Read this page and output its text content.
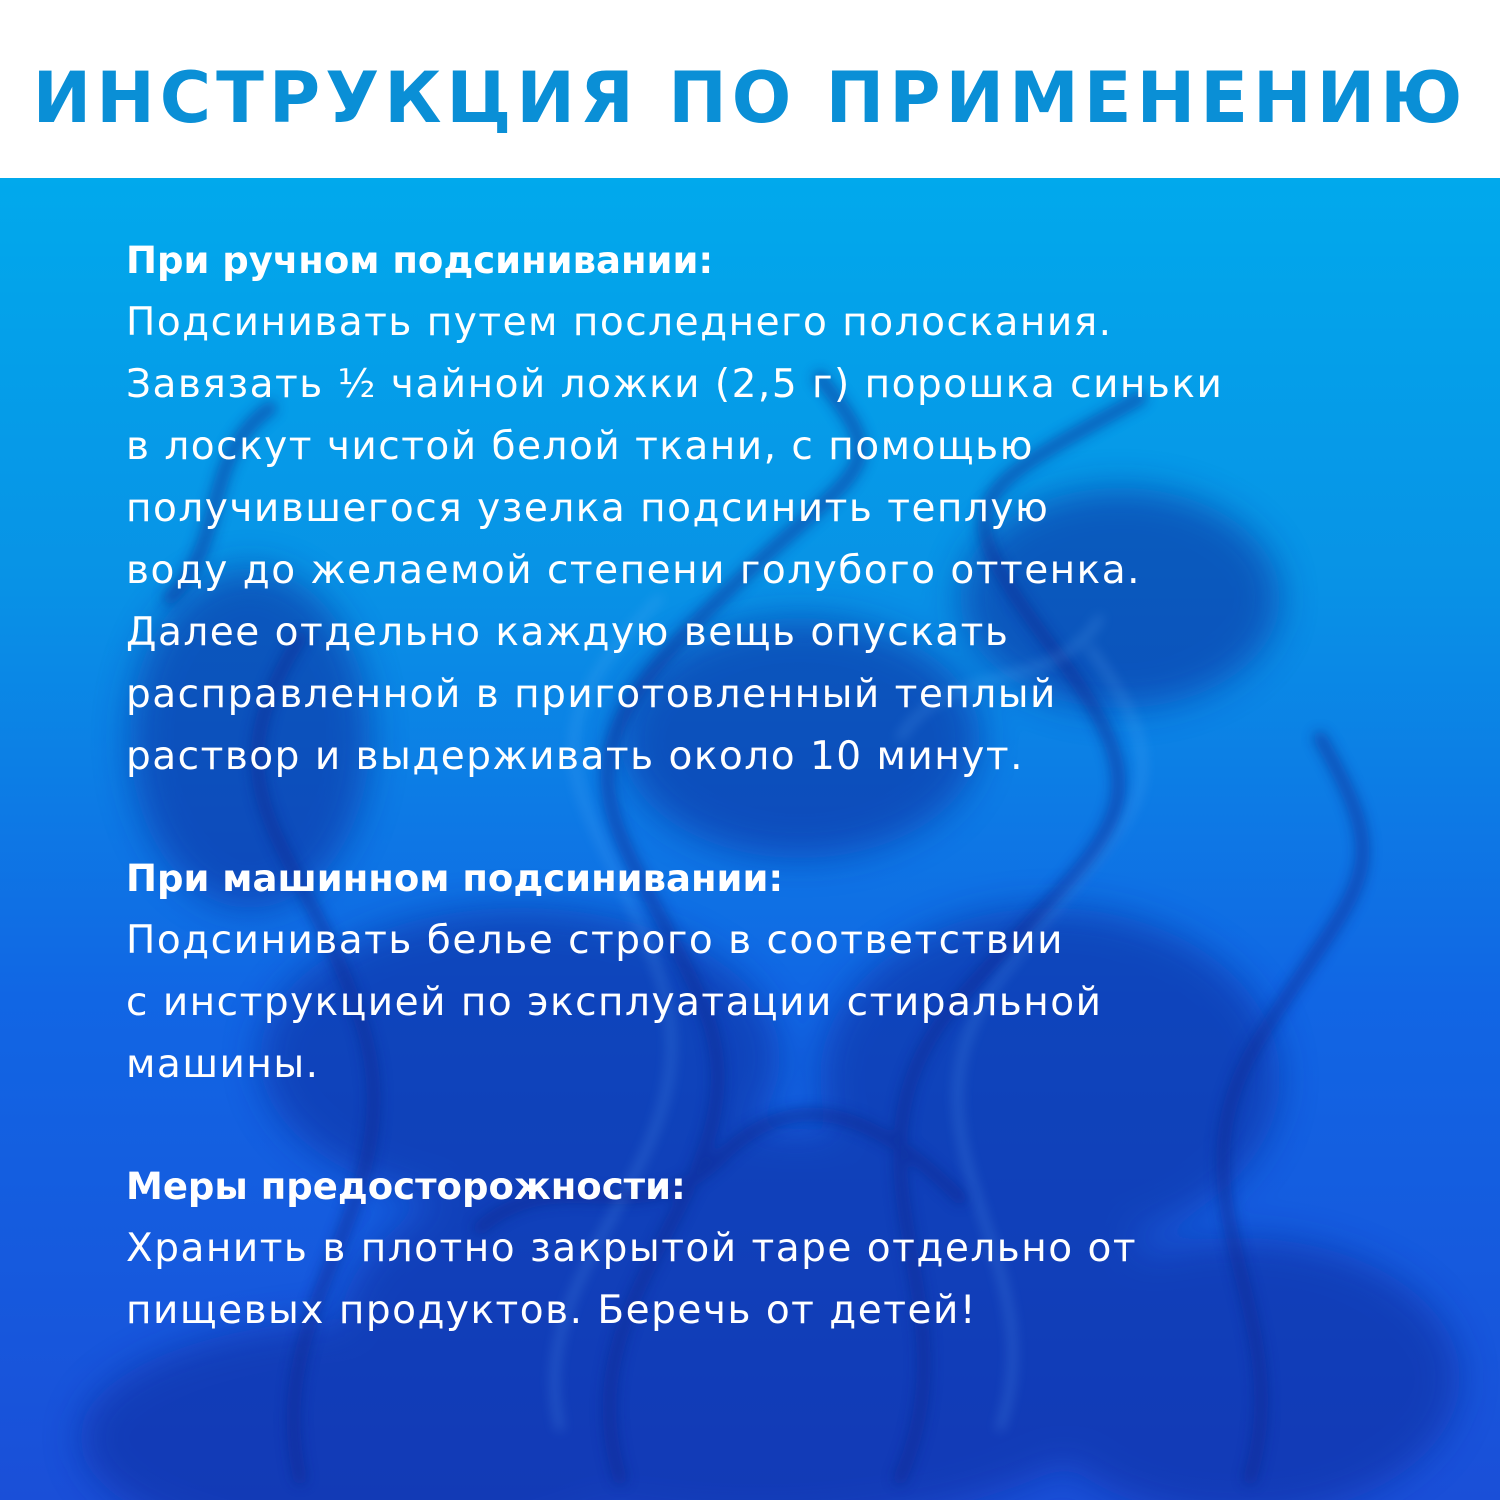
ИНСТРУКЦИЯ ПО ПРИМЕНЕНИЮ
При ручном подсинивании:
Подсинивать путем последнего полоскания.
Завязать ½ чайной ложки (2,5 г) порошка синьки
в лоскут чистой белой ткани, с помощью
получившегося узелка подсинить теплую
воду до желаемой степени голубого оттенка.
Далее отдельно каждую вещь опускать
расправленной в приготовленный теплый
раствор и выдерживать около 10 минут.
При машинном подсинивании:
Подсинивать белье строго в соответствии
с инструкцией по эксплуатации стиральной
машины.
Меры предосторожности:
Хранить в плотно закрытой таре отдельно от
пищевых продуктов. Беречь от детей!
